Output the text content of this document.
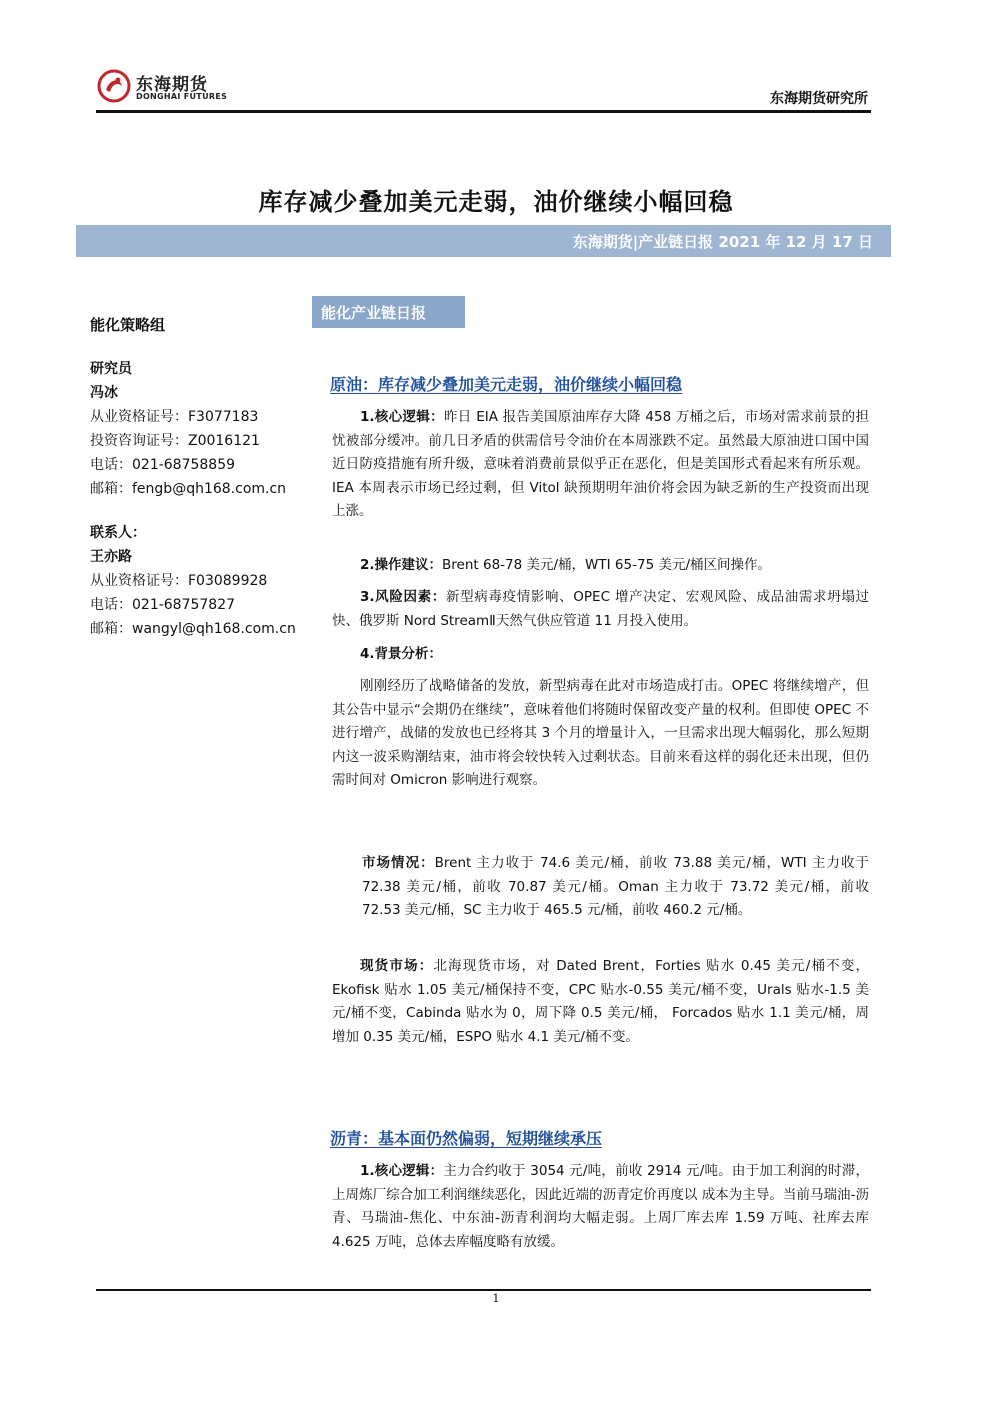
东海期货
DONGHAI FUTURES	东海期货研究所
库存减少叠加美元走弱，油价继续小幅回稳
东海期货|产业链日报 2021 年 12 月 17 日
能化策略组
研究员
冯冰
从业资格证号：F3077183
投资咨询证号：Z0016121
电话：021-68758859
邮箱：fengb@qh168.com.cn
联系人：
王亦路
从业资格证号：F03089928
电话：021-68757827
邮箱：wangyl@qh168.com.cn
能化产业链日报
原油：库存减少叠加美元走弱，油价继续小幅回稳

1.核心逻辑：昨日 EIA 报告美国原油库存大降 458 万桶之后，市场对需求前景的担忧被部分缓冲。前几日矛盾的供需信号令油价在本周涨跌不定。虽然最大原油进口国中国近日防疫措施有所升级，意味着消费前景似乎正在恶化，但是美国形式看起来有所乐观。IEA 本周表示市场已经过剩，但 Vitol 缺预期明年油价将会因为缺乏新的生产投资而出现上涨。

2.操作建议：Brent 68-78 美元/桶，WTI 65-75 美元/桶区间操作。

3.风险因素：新型病毒疫情影响、OPEC 增产决定、宏观风险、成品油需求坍塌过快、俄罗斯 Nord StreamⅡ天然气供应管道 11 月投入使用。

4.背景分析：

刚刚经历了战略储备的发放，新型病毒在此对市场造成打击。OPEC 将继续增产，但其公告中显示“会期仍在继续”，意味着他们将随时保留改变产量的权利。但即使 OPEC 不进行增产，战储的发放也已经将其 3 个月的增量计入，一旦需求出现大幅弱化，那么短期内这一波采购潮结束，油市将会较快转入过剩状态。目前来看这样的弱化还未出现，但仍需时间对 Omicron 影响进行观察。

市场情况：Brent 主力收于 74.6 美元/桶，前收 73.88 美元/桶，WTI 主力收于 72.38 美元/桶，前收 70.87 美元/桶。Oman 主力收于 73.72 美元/桶，前收 72.53 美元/桶，SC 主力收于 465.5 元/桶，前收 460.2 元/桶。

现货市场：北海现货市场，对 Dated Brent，Forties 贴水 0.45 美元/桶不变，Ekofisk 贴水 1.05 美元/桶保持不变，CPC 贴水-0.55 美元/桶不变，Urals 贴水-1.5 美元/桶不变，Cabinda 贴水为 0，周下降 0.5 美元/桶， Forcados 贴水 1.1 美元/桶，周增加 0.35 美元/桶，ESPO 贴水 4.1 美元/桶不变。

沥青：基本面仍然偏弱，短期继续承压

1.核心逻辑：主力合约收于 3054 元/吨，前收 2914 元/吨。由于加工利润的时滞，上周炼厂综合加工利润继续恶化，因此近端的沥青定价再度以 成本为主导。当前马瑞油-沥青、马瑞油-焦化、中东油-沥青利润均大幅走弱。上周厂库去库 1.59 万吨、社库去库 4.625 万吨，总体去库幅度略有放缓。

1
